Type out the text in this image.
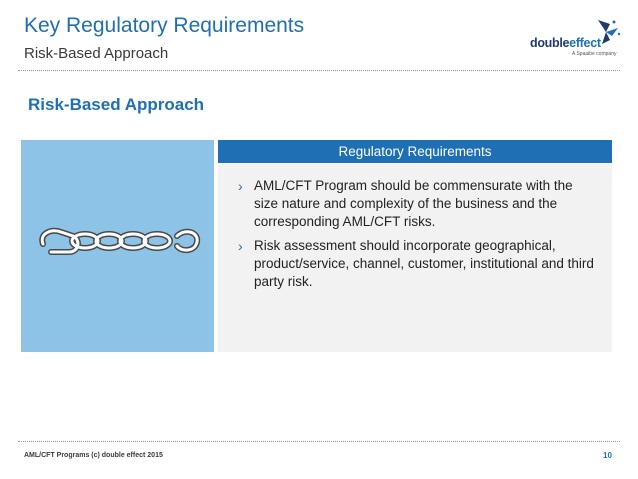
Key Regulatory Requirements
Risk-Based Approach
doubleeffect
A Spaaibe company
Risk-Based Approach
Regulatory Requirements
› AML/CFT Program should be commensurate with the size nature and complexity of the business and the corresponding AML/CFT risks.
› Risk assessment should incorporate geographical, product/service, channel, customer, institutional and third party risk.
AML/CFT Programs (c) double effect 2015	10
